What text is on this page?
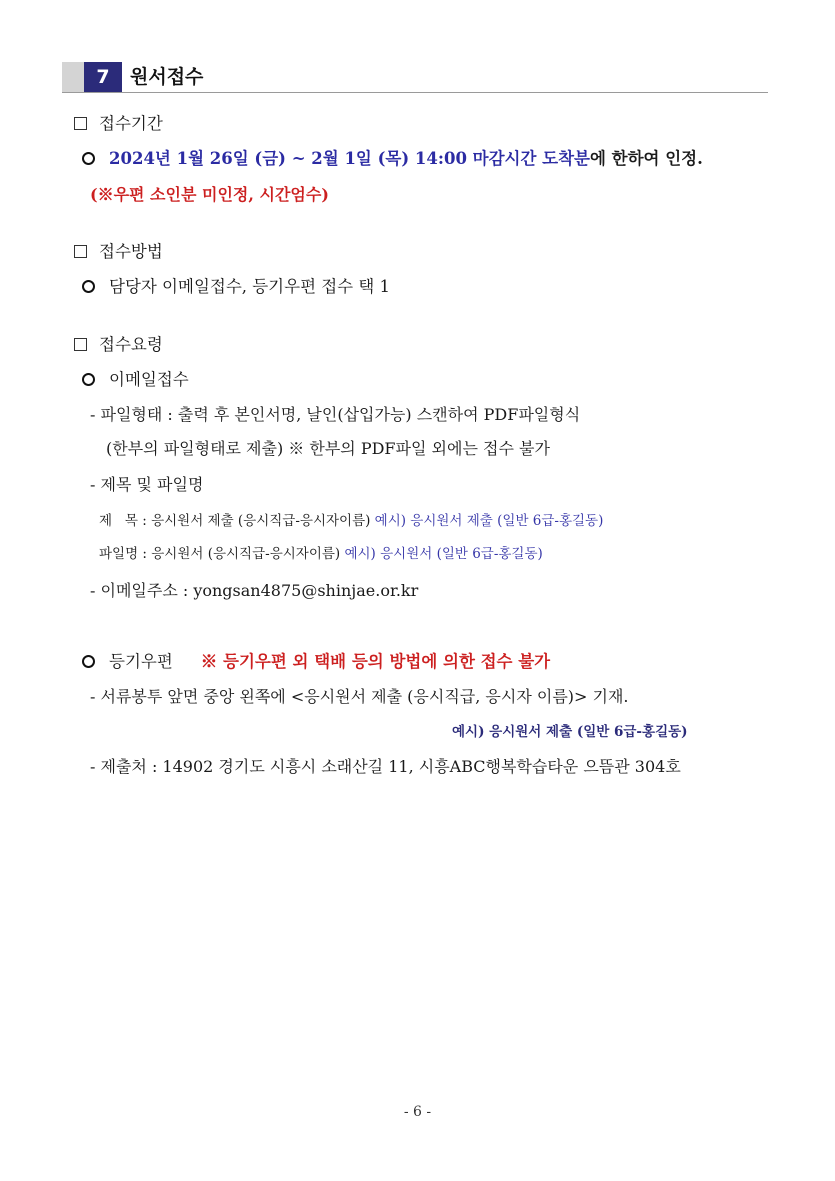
7	원서접수
접수기간
2024년 1월 26일 (금) ~ 2월 1일 (목) 14:00 마감시간 도착분에 한하여 인정.
(※우편 소인분 미인정, 시간엄수)
접수방법
담당자 이메일접수, 등기우편 접수 택 1
접수요령
이메일접수
- 파일형태 : 출력 후 본인서명, 날인(삽입가능) 스캔하여 PDF파일형식
(한부의 파일형태로 제출) ※ 한부의 PDF파일 외에는 접수 불가
- 제목 및 파일명
제   목 : 응시원서 제출 (응시직급-응시자이름) 예시) 응시원서 제출 (일반 6급-홍길동)
파일명 : 응시원서 (응시직급-응시자이름) 예시) 응시원서 (일반 6급-홍길동)
- 이메일주소 : yongsan4875@shinjae.or.kr
등기우편 ※ 등기우편 외 택배 등의 방법에 의한 접수 불가
- 서류봉투 앞면 중앙 왼쪽에 <응시원서 제출 (응시직급, 응시자 이름)> 기재.
예시) 응시원서 제출 (일반 6급-홍길동)
- 제출처 : 14902 경기도 시흥시 소래산길 11, 시흥ABC행복학습타운 으뜸관 304호
- 6 -
